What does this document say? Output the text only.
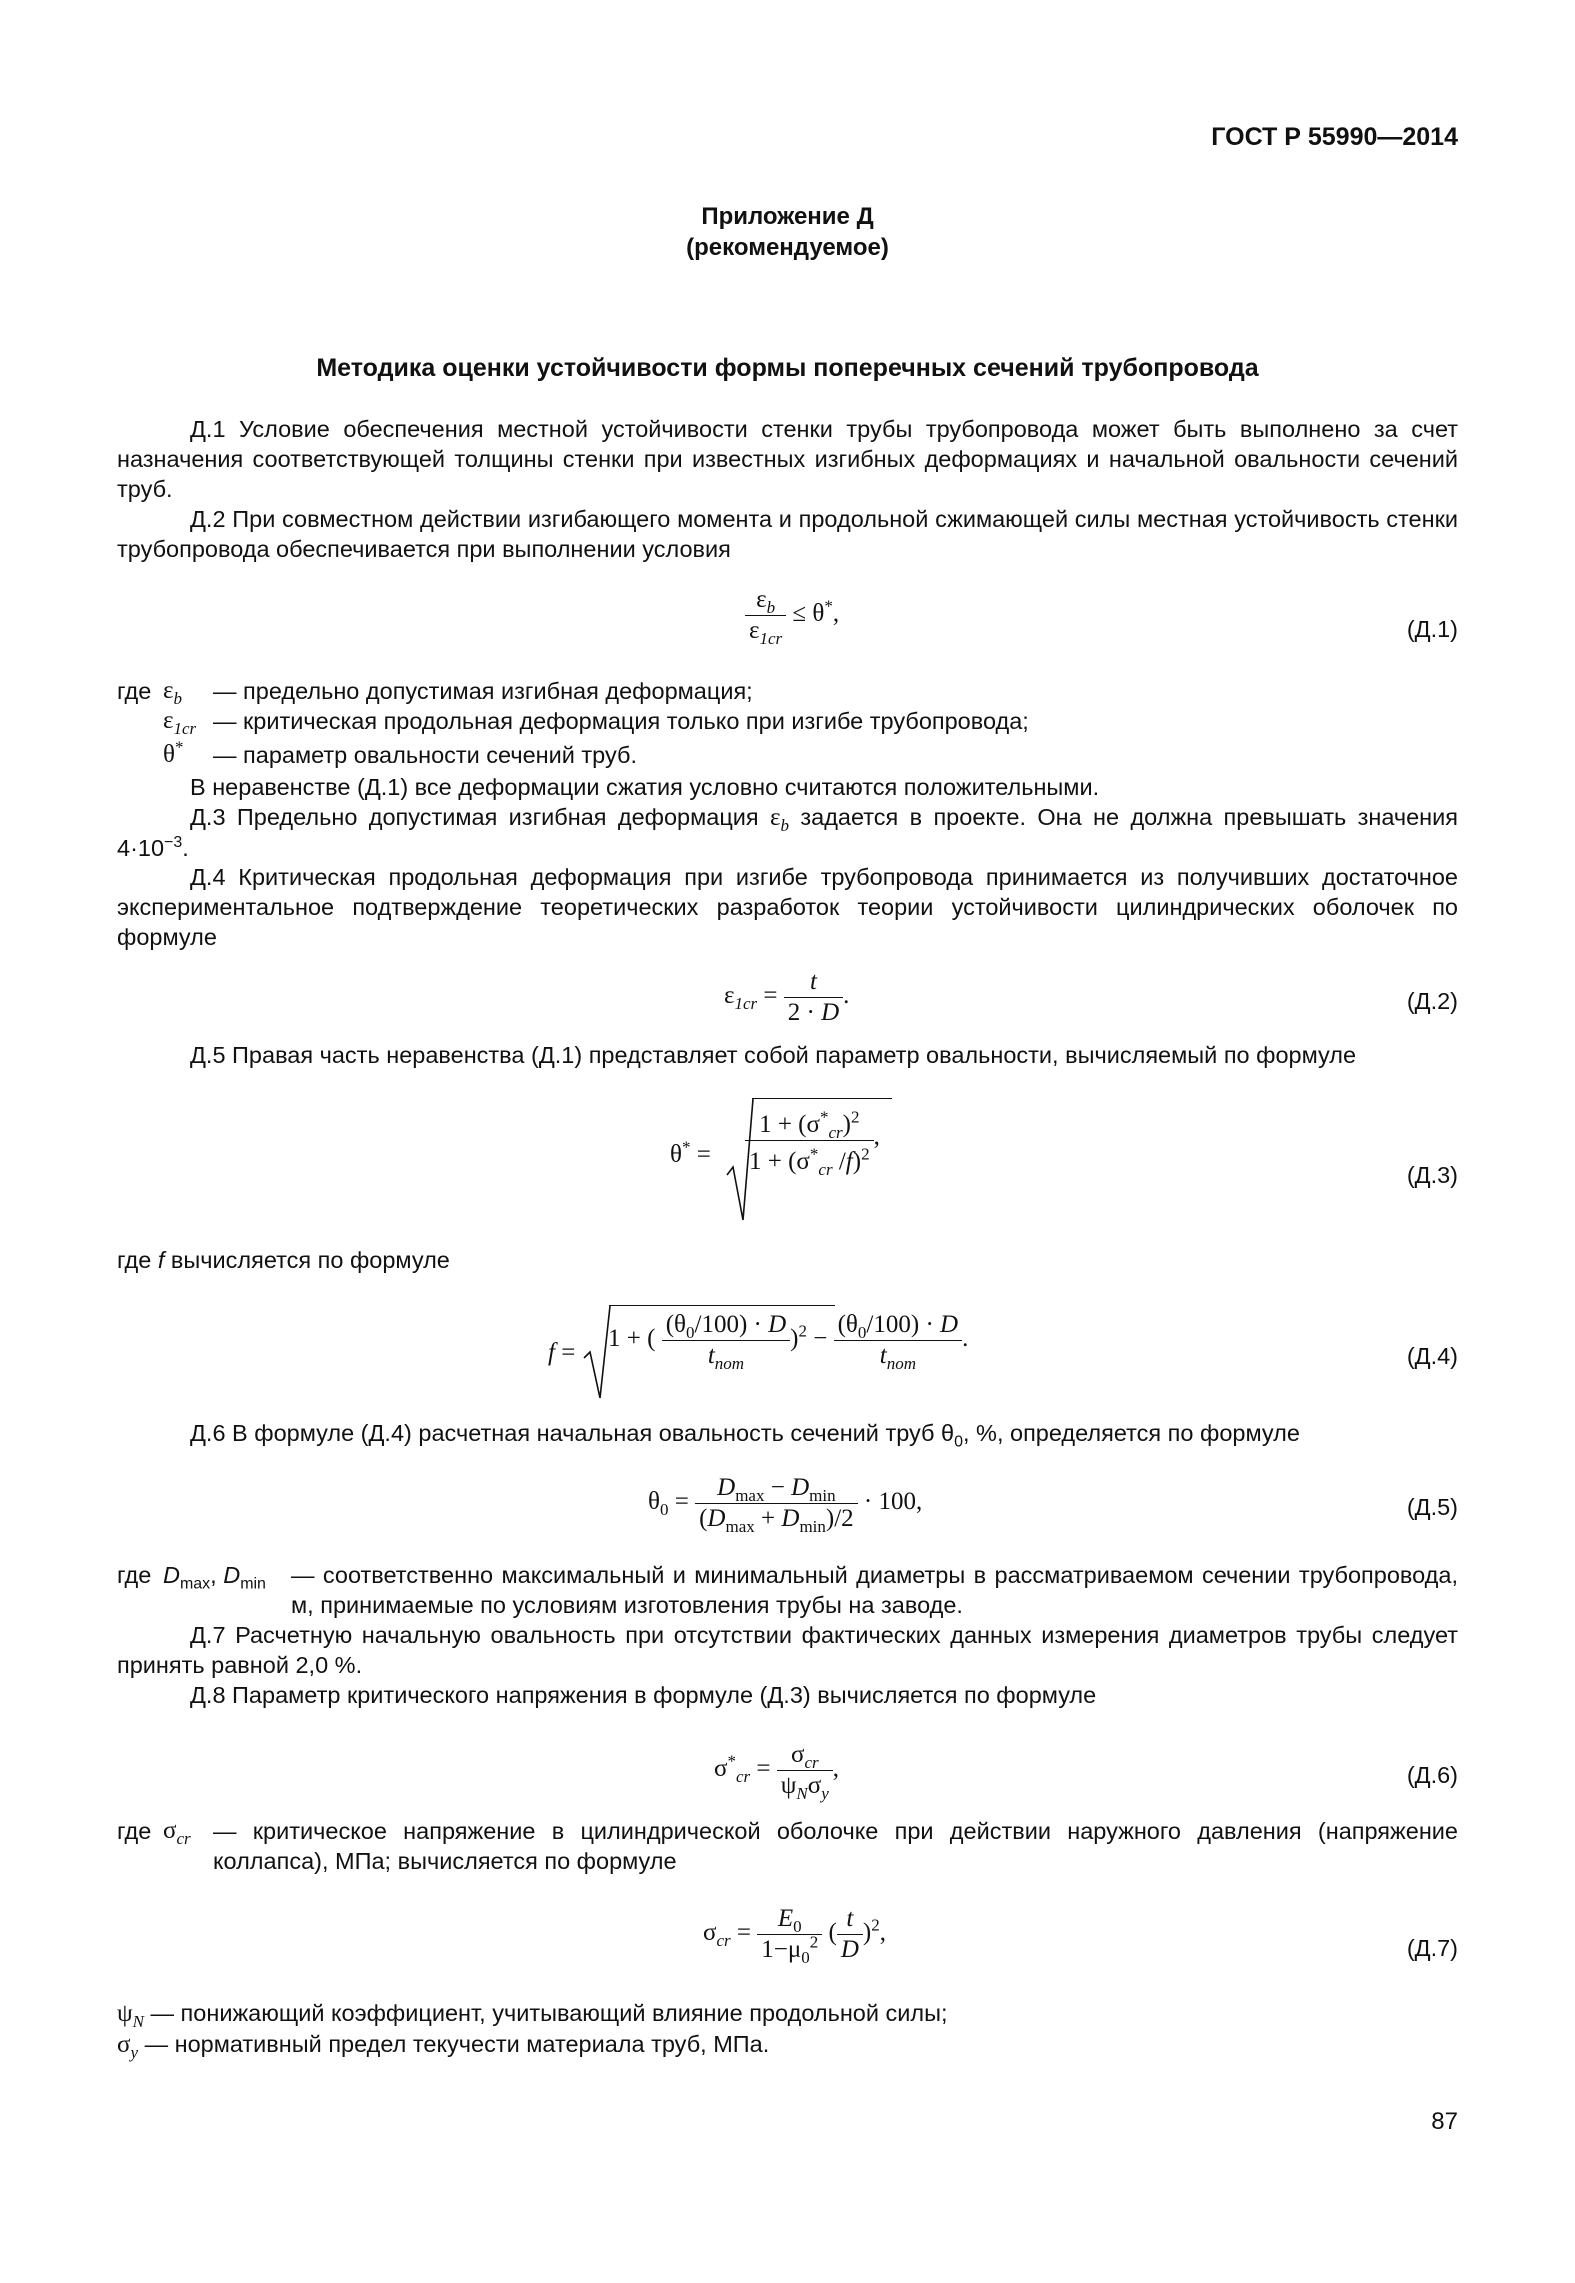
ГОСТ Р 55990—2014
Приложение Д
(рекомендуемое)
Методика оценки устойчивости формы поперечных сечений трубопровода
Д.1 Условие обеспечения местной устойчивости стенки трубы трубопровода может быть выполнено за счет назначения соответствующей толщины стенки при известных изгибных деформациях и начальной овальности сечений труб.
Д.2 При совместном действии изгибающего момента и продольной сжимающей силы местная устойчивость стенки трубопровода обеспечивается при выполнении условия
$\frac{\varepsilon_b}{\varepsilon_{1cr}} \le \theta^*$,
(Д.1)
где $\varepsilon_b$ — предельно допустимая изгибная деформация;
$\varepsilon_{1cr}$ — критическая продольная деформация только при изгибе трубопровода;
θ* — параметр овальности сечений труб.
В неравенстве (Д.1) все деформации сжатия условно считаются положительными.
Д.3 Предельно допустимая изгибная деформация $\varepsilon_b$ задается в проекте. Она не должна превышать значения $4\cdot 10^{-3}$.
Д.4 Критическая продольная деформация при изгибе трубопровода принимается из получивших достаточное экспериментальное подтверждение теоретических разработок теории устойчивости цилиндрических оболочек по формуле
$\varepsilon_{1cr} = \frac{t}{2 \cdot D}$ .	(Д.2)
Д.5 Правая часть неравенства (Д.1) представляет собой параметр овальности, вычисляемый по формуле
$\theta^* = \frac{1 + (\sigma^*_{cr})^2}{1 + (\sigma^*_{cr} /f)^2}$ ,
(Д.3)
где f вычисляется по формуле
f =
1 + ( $\frac{(\theta_0/100) \cdot D}{t_{nom}} )^2 - \frac{(\theta_0/100) \cdot D}{t_{nom}}$ .
(Д.4)
Д.6 В формуле (Д.4) расчетная начальная овальность сечений труб $\theta_0$, %, определяется по формуле
$\theta_0 = \frac{D_{max} - D_{min}}{(D_{max} + D_{min})/2} \cdot 100$,	(Д.5)
где $D_{max}$, $D_{min}$ — соответственно максимальный и минимальный диаметры в рассматриваемом сечении трубопровода, м, принимаемые по условиям изготовления трубы на заводе.
Д.7 Расчетную начальную овальность при отсутствии фактических данных измерения диаметров трубы следует принять равной 2,0 %.
Д.8 Параметр критического напряжения в формуле (Д.3) вычисляется по формуле
$\sigma^*_{cr} = \frac{\sigma_{cr}}{\psi_N\sigma_y}$ ,	(Д.6)
где $\sigma_{cr}$ — критическое напряжение в цилиндрической оболочке при действии наружного давления (напряжение коллапса), МПа; вычисляется по формуле
$\sigma_{cr} = \frac{E_0}{1-\mu_0^2}$ ( $\frac{t}{D} )^2$,
(Д.7)
$\psi_N$ — понижающий коэффициент, учитывающий влияние продольной силы;
$\sigma_y$ — нормативный предел текучести материала труб, МПа.
87
